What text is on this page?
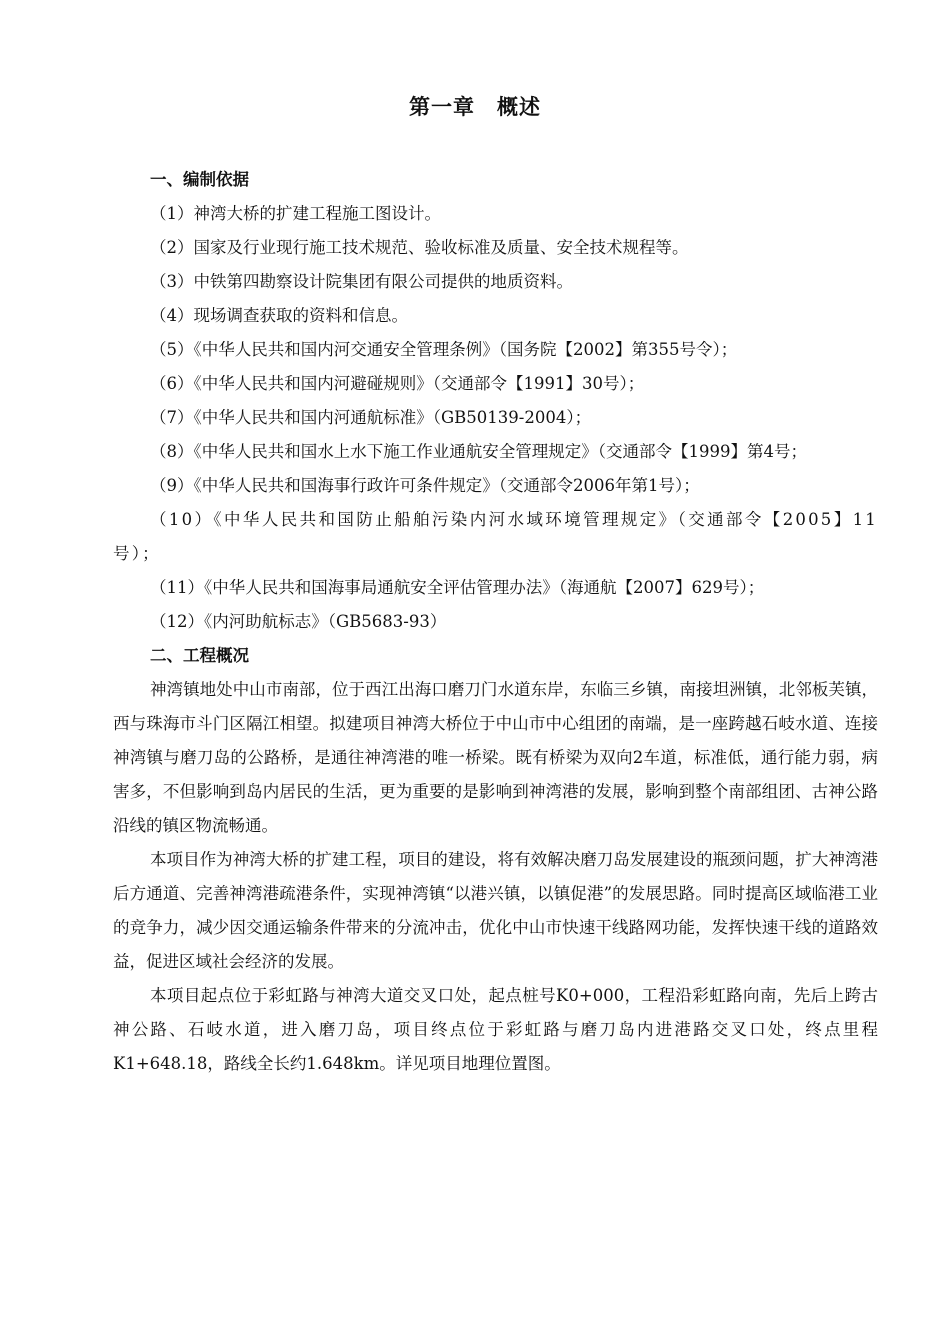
第一章　概述

一、编制依据

（1）神湾大桥的扩建工程施工图设计。

（2）国家及行业现行施工技术规范、验收标准及质量、安全技术规程等。

（3）中铁第四勘察设计院集团有限公司提供的地质资料。

（4）现场调查获取的资料和信息。

（5）《中华人民共和国内河交通安全管理条例》（国务院【2002】第355号令）；

（6）《中华人民共和国内河避碰规则》（交通部令【1991】30号）；

（7）《中华人民共和国内河通航标准》（GB50139-2004）；

（8）《中华人民共和国水上水下施工作业通航安全管理规定》（交通部令【1999】第4号；

（9）《中华人民共和国海事行政许可条件规定》（交通部令2006年第1号）；

（10）《中华人民共和国防止船舶污染内河水域环境管理规定》（交通部令【2005】11号）；

（11）《中华人民共和国海事局通航安全评估管理办法》（海通航【2007】629号）；

（12）《内河助航标志》（GB5683-93）

二、工程概况

神湾镇地处中山市南部，位于西江出海口磨刀门水道东岸，东临三乡镇，南接坦洲镇，北邻板芙镇，西与珠海市斗门区隔江相望。拟建项目神湾大桥位于中山市中心组团的南端，是一座跨越石岐水道、连接神湾镇与磨刀岛的公路桥，是通往神湾港的唯一桥梁。既有桥梁为双向2车道，标准低，通行能力弱，病害多，不但影响到岛内居民的生活，更为重要的是影响到神湾港的发展，影响到整个南部组团、古神公路沿线的镇区物流畅通。

本项目作为神湾大桥的扩建工程，项目的建设，将有效解决磨刀岛发展建设的瓶颈问题，扩大神湾港后方通道、完善神湾港疏港条件，实现神湾镇“以港兴镇，以镇促港”的发展思路。同时提高区域临港工业的竞争力，减少因交通运输条件带来的分流冲击，优化中山市快速干线路网功能，发挥快速干线的道路效益，促进区域社会经济的发展。

本项目起点位于彩虹路与神湾大道交叉口处，起点桩号K0+000，工程沿彩虹路向南，先后上跨古神公路、石岐水道，进入磨刀岛，项目终点位于彩虹路与磨刀岛内进港路交叉口处，终点里程K1+648.18，路线全长约1.648km。详见项目地理位置图。
